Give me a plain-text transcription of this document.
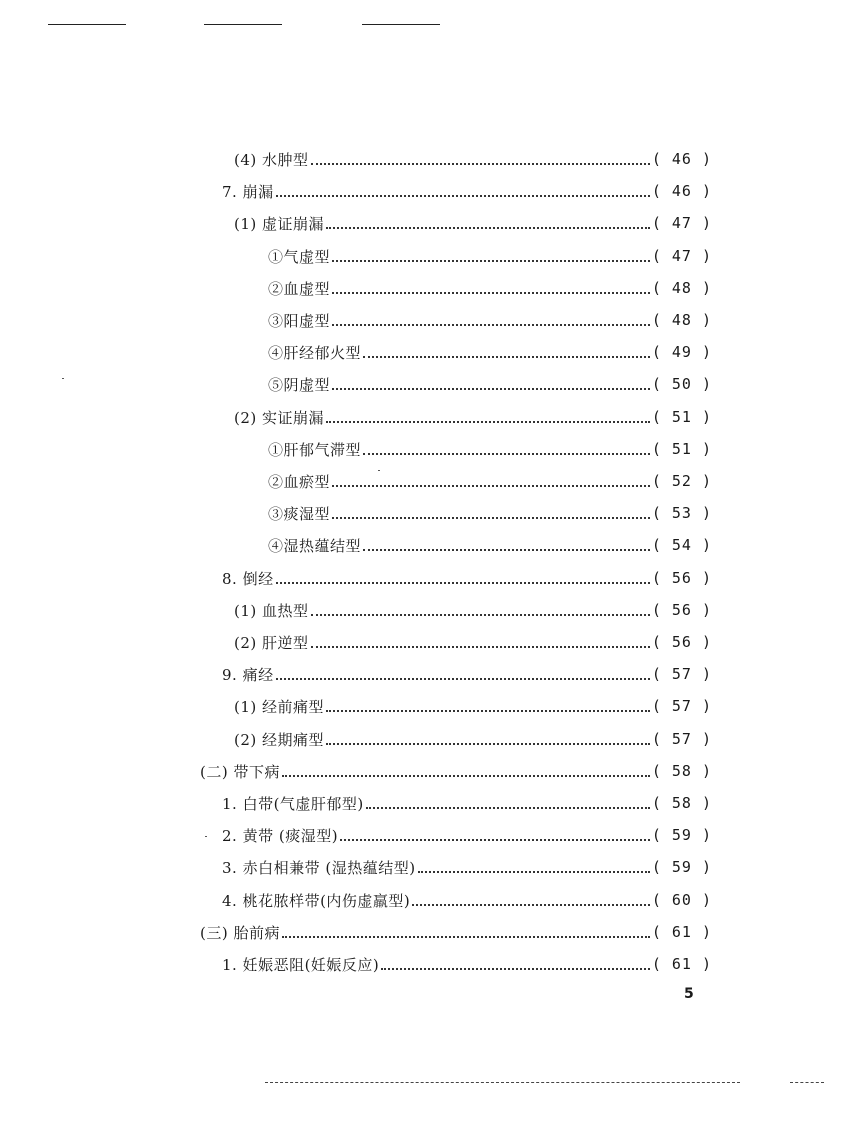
(4) 水肿型	( 46 )
7. 崩漏	( 46 )
(1) 虚证崩漏	( 47 )
①气虚型	( 47 )
②血虚型	( 48 )
③阳虚型	( 48 )
④肝经郁火型	( 49 )
⑤阴虚型	( 50 )
(2) 实证崩漏	( 51 )
①肝郁气滞型	( 51 )
②血瘀型	( 52 )
③痰湿型	( 53 )
④湿热蕴结型	( 54 )
8. 倒经	( 56 )
(1) 血热型	( 56 )
(2) 肝逆型	( 56 )
9. 痛经	( 57 )
(1) 经前痛型	( 57 )
(2) 经期痛型	( 57 )
(二) 带下病	( 58 )
1. 白带(气虚肝郁型)	( 58 )
2. 黄带 (痰湿型)	( 59 )
3. 赤白相兼带 (湿热蕴结型)	( 59 )
4. 桃花脓样带(内伤虚羸型)	( 60 )
(三) 胎前病	( 61 )
1. 妊娠恶阻(妊娠反应)	( 61 )
5
